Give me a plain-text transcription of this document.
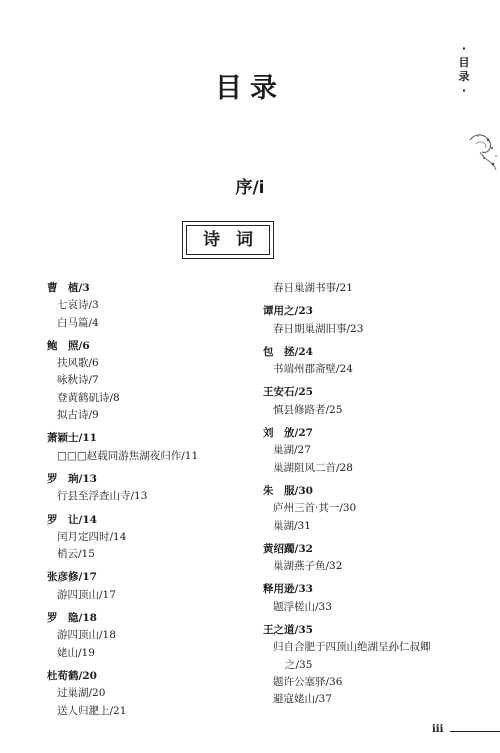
·
目
录
·
目录
序/ⅰ
诗词
曹　植/3
七哀诗/3
白马篇/4
鲍　照/6
扶风歌/6
咏秋诗/7
登黄鹤矶诗/8
拟古诗/9
萧颖士/11
□□□赵载同游焦湖夜归作/11
罗　珦/13
行县至浮查山寺/13
罗　让/14
闰月定四时/14
梢云/15
张彦修/17
游四顶山/17
罗　隐/18
游四顶山/18
姥山/19
杜荀鹤/20
过巢湖/20
送人归淝上/21
春日巢湖书事/21
谭用之/23
春日期巢湖旧事/23
包　拯/24
书端州郡斋壁/24
王安石/25
慎县修路者/25
刘　攽/27
巢湖/27
巢湖阻风二首/28
朱　服/30
庐州三首·其一/30
巢湖/31
黄绍躅/32
巢湖燕子鱼/32
释用逊/33
题浮槎山/33
王之道/35
归自合肥于四顶山绝湖呈孙仁叔卿
之/35
题许公塞驿/36
避寇姥山/37
iii
